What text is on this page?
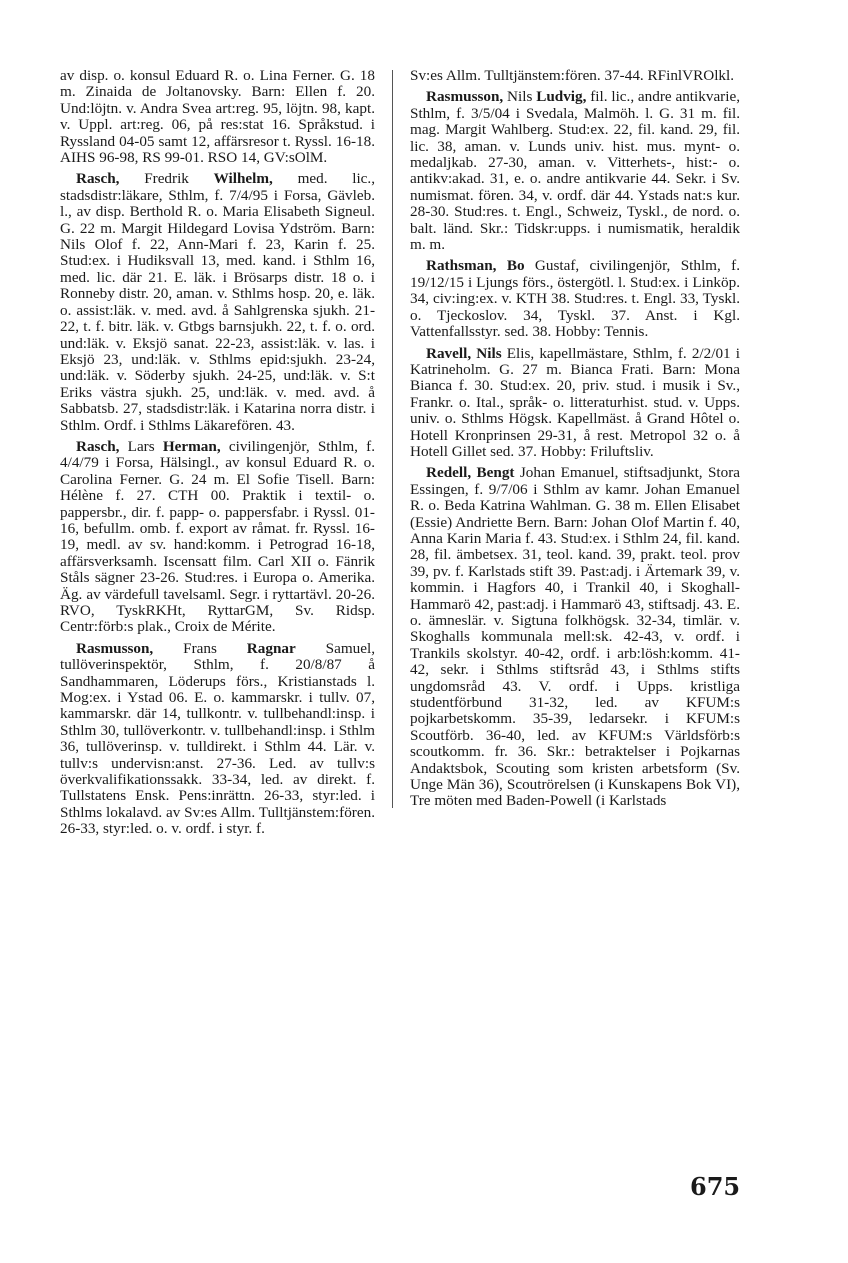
av disp. o. konsul Eduard R. o. Lina Ferner. G. 18 m. Zinaida de Joltanovsky. Barn: Ellen f. 20. Und:löjtn. v. Andra Svea art:reg. 95, löjtn. 98, kapt. v. Uppl. art:reg. 06, på res:stat 16. Språkstud. i Ryssland 04-05 samt 12, affärsresor t. Ryssl. 16-18. AIHS 96-98, RS 99-01. RSO 14, GV:sOlM.

Rasch, Fredrik Wilhelm, med. lic., stadsdistr:läkare, Sthlm, f. 7/4/95 i Forsa, Gävleb. l., av disp. Berthold R. o. Maria Elisabeth Signeul. G. 22 m. Margit Hildegard Lovisa Ydström. Barn: Nils Olof f. 22, Ann-Mari f. 23, Karin f. 25. Stud:ex. i Hudiksvall 13, med. kand. i Sthlm 16, med. lic. där 21. E. läk. i Brösarps distr. 18 o. i Ronneby distr. 20, aman. v. Sthlms hosp. 20, e. läk. o. assist:läk. v. med. avd. å Sahlgrenska sjukh. 21-22, t. f. bitr. läk. v. Gtbgs barnsjukh. 22, t. f. o. ord. und:läk. v. Eksjö sanat. 22-23, assist:läk. v. las. i Eksjö 23, und:läk. v. Sthlms epid:sjukh. 23-24, und:läk. v. Söderby sjukh. 24-25, und:läk. v. S:t Eriks västra sjukh. 25, und:läk. v. med. avd. å Sabbatsb. 27, stadsdistr:läk. i Katarina norra distr. i Sthlm. Ordf. i Sthlms Läkarefören. 43.

Rasch, Lars Herman, civilingenjör, Sthlm, f. 4/4/79 i Forsa, Hälsingl., av konsul Eduard R. o. Carolina Ferner. G. 24 m. El Sofie Tisell. Barn: Hélène f. 27. CTH 00. Praktik i textil- o. pappersbr., dir. f. papp- o. pappersfabr. i Ryssl. 01-16, befullm. omb. f. export av råmat. fr. Ryssl. 16-19, medl. av sv. hand:komm. i Petrograd 16-18, affärsverksamh. Iscensatt film. Carl XII o. Fänrik Ståls sägner 23-26. Stud:res. i Europa o. Amerika. Äg. av värdefull tavelsaml. Segr. i ryttartävl. 20-26. RVO, TyskRKHt, RyttarGM, Sv. Ridsp. Centr:förb:s plak., Croix de Mérite.

Rasmusson, Frans Ragnar Samuel, tullöverinspektör, Sthlm, f. 20/8/87 å Sandhammaren, Löderups förs., Kristianstads l. Mog:ex. i Ystad 06. E. o. kammarskr. i tullv. 07, kammarskr. där 14, tullkontr. v. tullbehandl:insp. i Sthlm 30, tullöverkontr. v. tullbehandl:insp. i Sthlm 36, tullöverinsp. v. tulldirekt. i Sthlm 44. Lär. v. tullv:s undervisn:anst. 27-36. Led. av tullv:s överkvalifikationssakk. 33-34, led. av direkt. f. Tullstatens Ensk. Pens:inrättn. 26-33, styr:led. i Sthlms lokalavd. av Sv:es Allm. Tulltjänstem:fören. 26-33, styr:led. o. v. ordf. i styr. f.

Sv:es Allm. Tulltjänstem:fören. 37-44. RFinlVROlkl.

Rasmusson, Nils Ludvig, fil. lic., andre antikvarie, Sthlm, f. 3/5/04 i Svedala, Malmöh. l. G. 31 m. fil. mag. Margit Wahlberg. Stud:ex. 22, fil. kand. 29, fil. lic. 38, aman. v. Lunds univ. hist. mus. mynt- o. medaljkab. 27-30, aman. v. Vitterhets-, hist:- o. antikv:akad. 31, e. o. andre antikvarie 44. Sekr. i Sv. numismat. fören. 34, v. ordf. där 44. Ystads nat:s kur. 28-30. Stud:res. t. Engl., Schweiz, Tyskl., de nord. o. balt. länd. Skr.: Tidskr:upps. i numismatik, heraldik m. m.

Rathsman, Bo Gustaf, civilingenjör, Sthlm, f. 19/12/15 i Ljungs förs., östergötl. l. Stud:ex. i Linköp. 34, civ:ing:ex. v. KTH 38. Stud:res. t. Engl. 33, Tyskl. o. Tjeckoslov. 34, Tyskl. 37. Anst. i Kgl. Vattenfallsstyr. sed. 38. Hobby: Tennis.

Ravell, Nils Elis, kapellmästare, Sthlm, f. 2/2/01 i Katrineholm. G. 27 m. Bianca Frati. Barn: Mona Bianca f. 30. Stud:ex. 20, priv. stud. i musik i Sv., Frankr. o. Ital., språk- o. litteraturhist. stud. v. Upps. univ. o. Sthlms Högsk. Kapellmäst. å Grand Hôtel o. Hotell Kronprinsen 29-31, å rest. Metropol 32 o. å Hotell Gillet sed. 37. Hobby: Friluftsliv.

Redell, Bengt Johan Emanuel, stiftsadjunkt, Stora Essingen, f. 9/7/06 i Sthlm av kamr. Johan Emanuel R. o. Beda Katrina Wahlman. G. 38 m. Ellen Elisabet (Essie) Andriette Bern. Barn: Johan Olof Martin f. 40, Anna Karin Maria f. 43. Stud:ex. i Sthlm 24, fil. kand. 28, fil. ämbetsex. 31, teol. kand. 39, prakt. teol. prov 39, pv. f. Karlstads stift 39. Past:adj. i Ärtemark 39, v. kommin. i Hagfors 40, i Trankil 40, i Skoghall-Hammarö 42, past:adj. i Hammarö 43, stiftsadj. 43. E. o. ämneslär. v. Sigtuna folkhögsk. 32-34, timlär. v. Skoghalls kommunala mell:sk. 42-43, v. ordf. i Trankils skolstyr. 40-42, ordf. i arb:lösh:komm. 41-42, sekr. i Sthlms stiftsråd 43, i Sthlms stifts ungdomsråd 43. V. ordf. i Upps. kristliga studentförbund 31-32, led. av KFUM:s pojkarbetskomm. 35-39, ledarsekr. i KFUM:s Scoutförb. 36-40, led. av KFUM:s Världsförb:s scoutkomm. fr. 36. Skr.: betraktelser i Pojkarnas Andaktsbok, Scouting som kristen arbetsform (Sv. Unge Män 36), Scoutrörelsen (i Kunskapens Bok VI), Tre möten med Baden-Powell (i Karlstads

675
